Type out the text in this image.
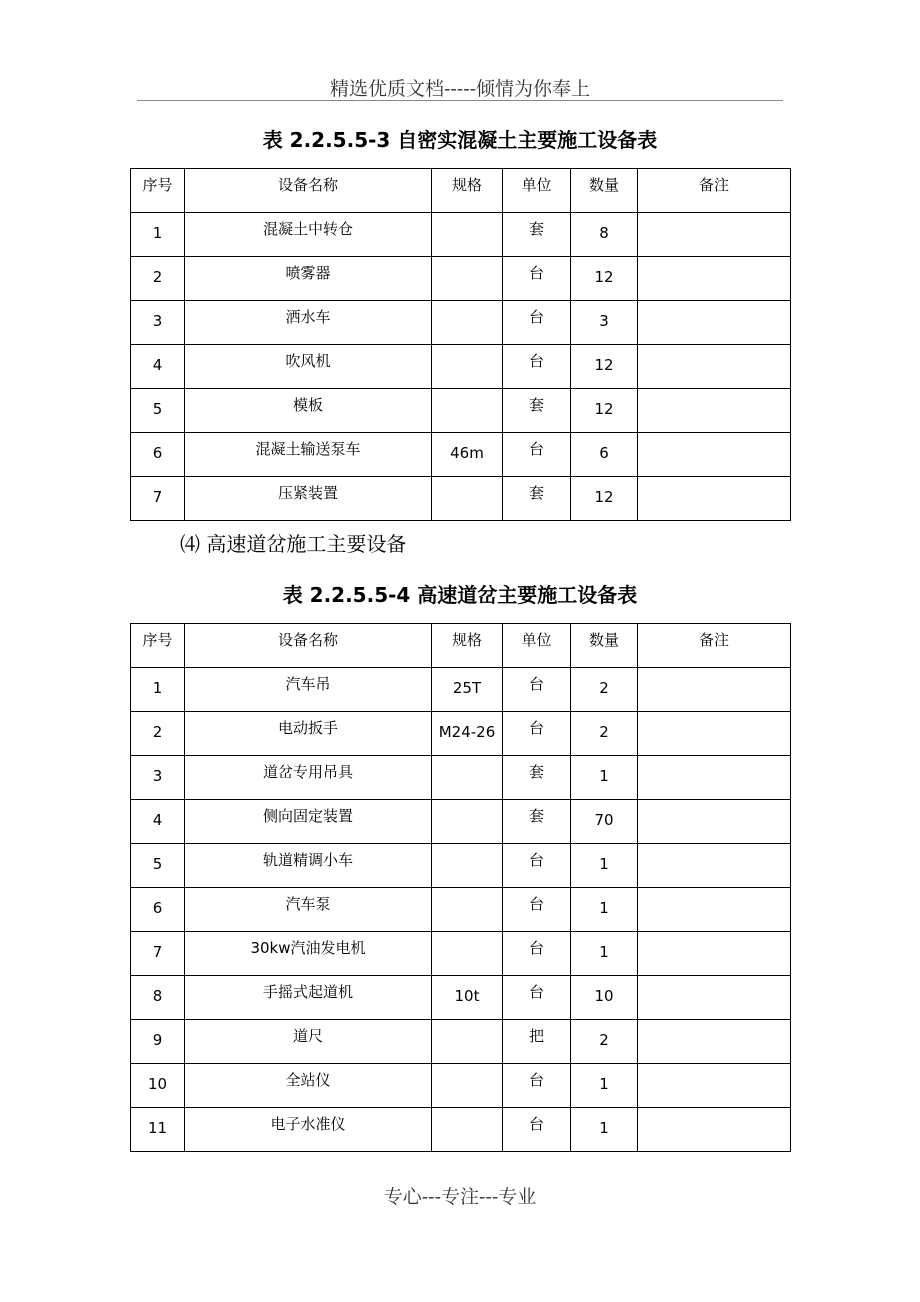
精选优质文档-----倾情为你奉上
表 2.2.5.5-3 自密实混凝土主要施工设备表
序号	设备名称	规格	单位	数量	备注

1	混凝土中转仓		套	8	

2	喷雾器		台	12	

3	洒水车		台	3	

4	吹风机		台	12	

5	模板		套	12	

6	混凝土输送泵车	46m	台	6	

7	压紧装置		套	12	

⑷ 高速道岔施工主要设备
表 2.2.5.5-4 高速道岔主要施工设备表
序号	设备名称	规格	单位	数量	备注

1	汽车吊	25T	台	2	

2	电动扳手	M24-26	台	2	

3	道岔专用吊具		套	1	

4	侧向固定装置		套	70	

5	轨道精调小车		台	1	

6	汽车泵		台	1	

7	30kw汽油发电机		台	1	

8	手摇式起道机	10t	台	10	

9	道尺		把	2	

10	全站仪		台	1	

11	电子水准仪		台	1	

专心---专注---专业
